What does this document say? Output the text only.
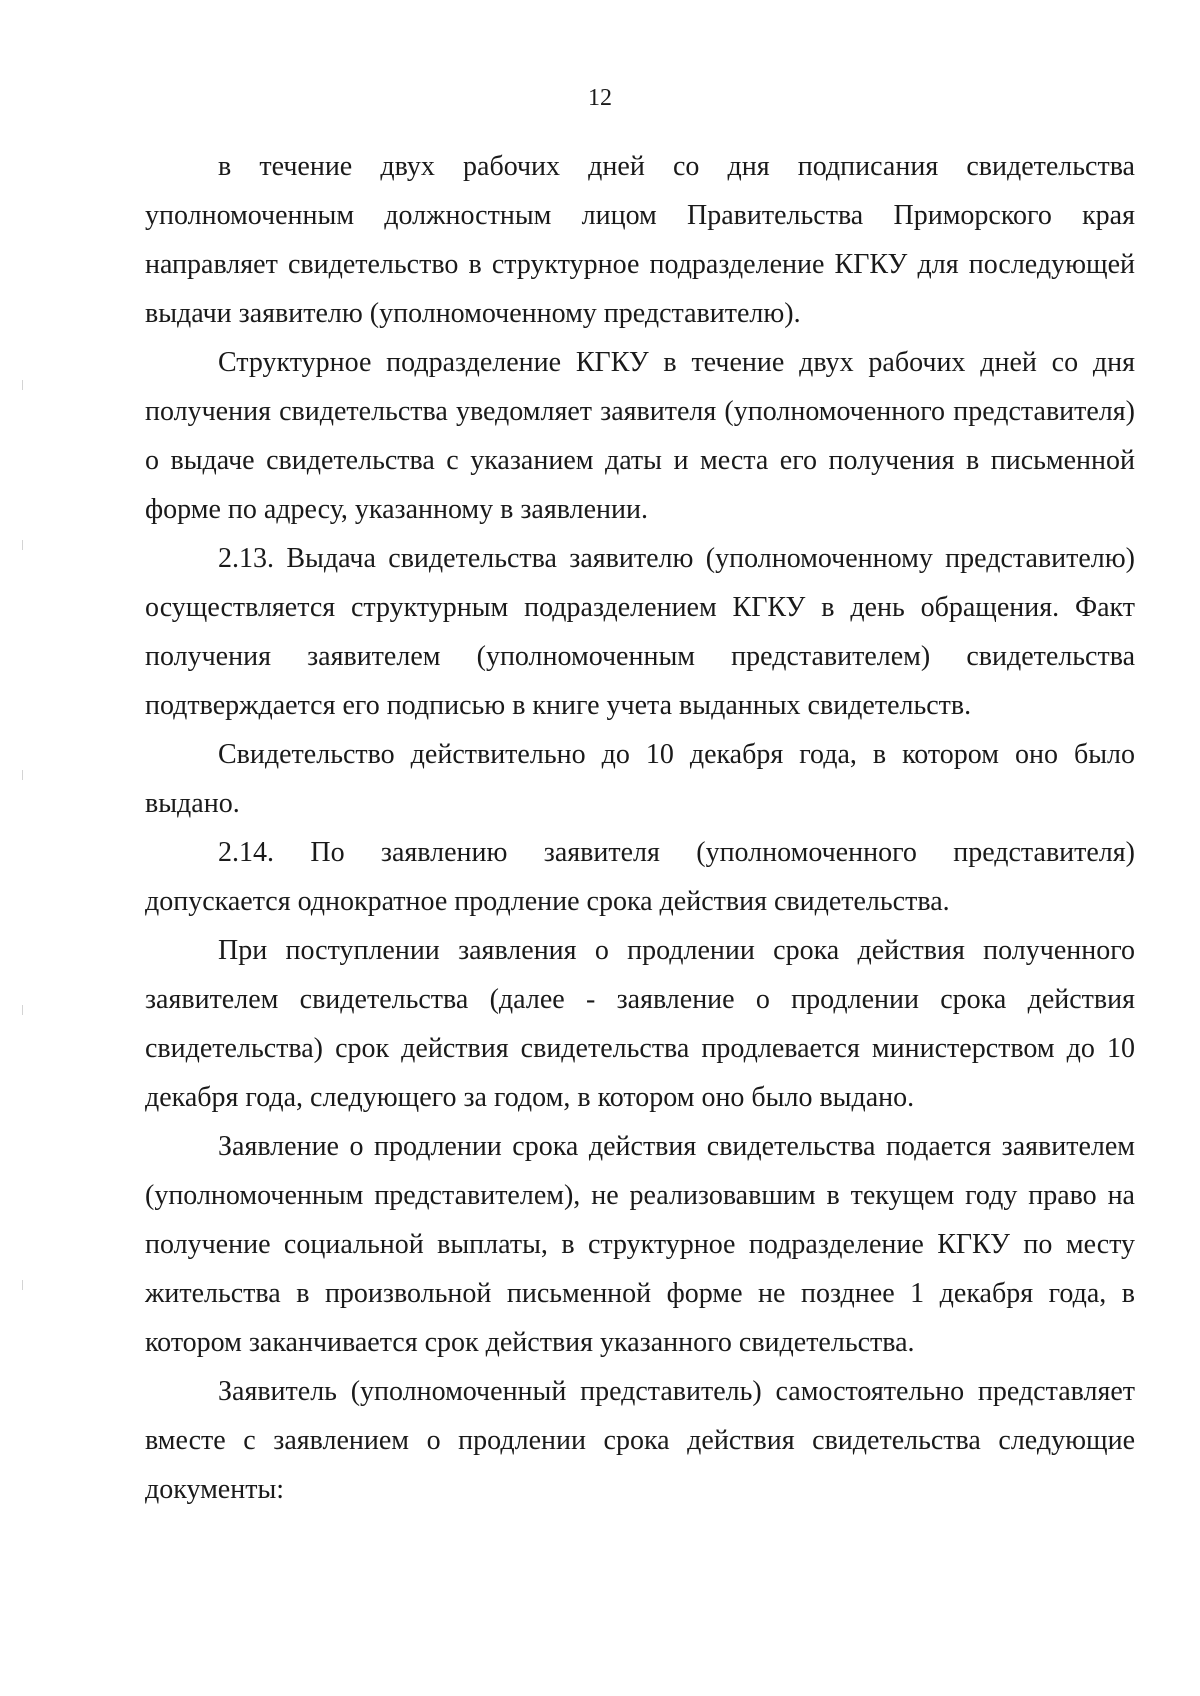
12

в течение двух рабочих дней со дня подписания свидетельства уполномоченным должностным лицом Правительства Приморского края направляет свидетельство в структурное подразделение КГКУ для последующей выдачи заявителю (уполномоченному представителю).

Структурное подразделение КГКУ в течение двух рабочих дней со дня получения свидетельства уведомляет заявителя (уполномоченного представителя) о выдаче свидетельства с указанием даты и места его получения в письменной форме по адресу, указанному в заявлении.

2.13. Выдача свидетельства заявителю (уполномоченному представителю) осуществляется структурным подразделением КГКУ в день обращения. Факт получения заявителем (уполномоченным представителем) свидетельства подтверждается его подписью в книге учета выданных свидетельств.

Свидетельство действительно до 10 декабря года, в котором оно было выдано.

2.14. По заявлению заявителя (уполномоченного представителя) допускается однократное продление срока действия свидетельства.

При поступлении заявления о продлении срока действия полученного заявителем свидетельства (далее - заявление о продлении срока действия свидетельства) срок действия свидетельства продлевается министерством до 10 декабря года, следующего за годом, в котором оно было выдано.

Заявление о продлении срока действия свидетельства подается заявителем (уполномоченным представителем), не реализовавшим в текущем году право на получение социальной выплаты, в структурное подразделение КГКУ по месту жительства в произвольной письменной форме не позднее 1 декабря года, в котором заканчивается срок действия указанного свидетельства.

Заявитель (уполномоченный представитель) самостоятельно представляет вместе с заявлением о продлении срока действия свидетельства следующие документы:
